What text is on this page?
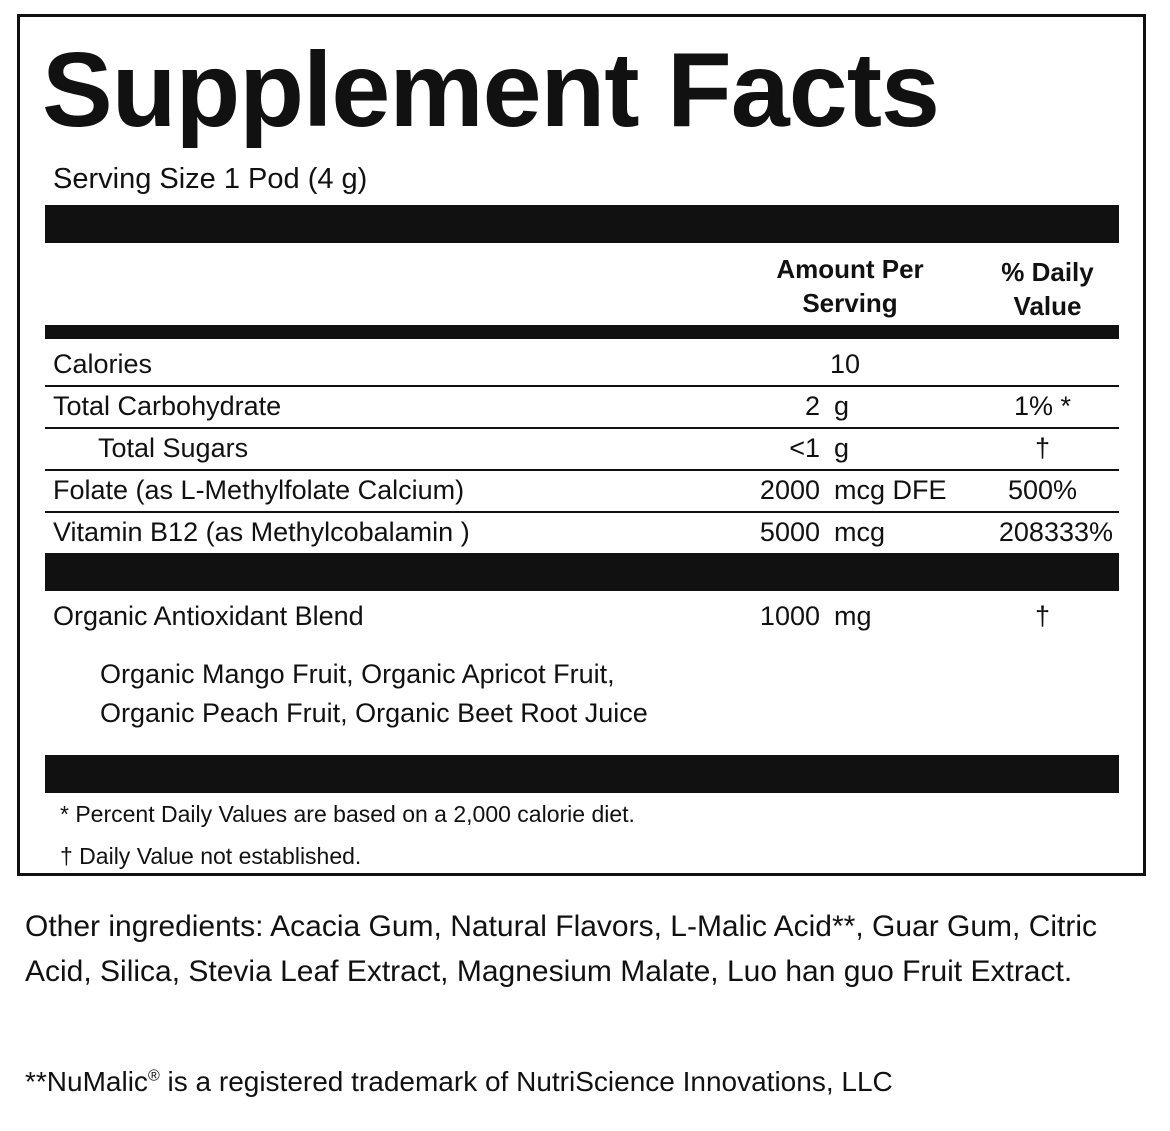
Supplement Facts
Serving Size 1 Pod (4 g)
Amount Per
Serving
% Daily
Value
Calories	10
Total Carbohydrate	2 g	1% *
Total Sugars	<1 g	†
Folate (as L-Methylfolate Calcium)	2000 mcg DFE	500%
Vitamin B12 (as Methylcobalamin )	5000 mcg	208333%
Organic Antioxidant Blend	1000 mg	†
Organic Mango Fruit, Organic Apricot Fruit, Organic Peach Fruit, Organic Beet Root Juice
* Percent Daily Values are based on a 2,000 calorie diet.
† Daily Value not established.
Other ingredients: Acacia Gum, Natural Flavors, L-Malic Acid**, Guar Gum, Citric Acid, Silica, Stevia Leaf Extract, Magnesium Malate, Luo han guo Fruit Extract.
**NuMalic® is a registered trademark of NutriScience Innovations, LLC
